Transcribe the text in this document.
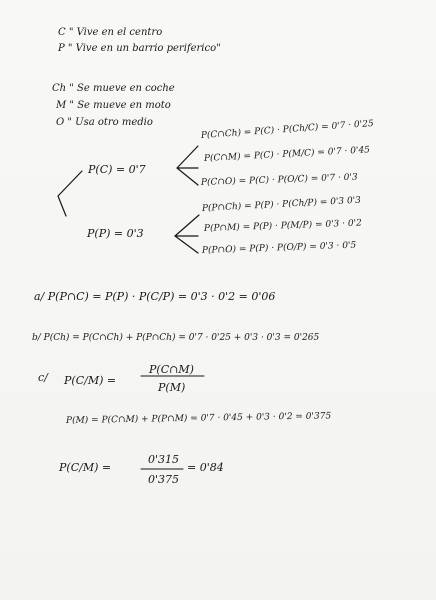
C " Vive en el centro
P " Vive en un barrio periferico"
Ch " Se mueve en coche
M " Se mueve en moto
O " Usa otro medio
P(C) = 0'7
P(P) = 0'3
P(C∩Ch) = P(C) · P(Ch/C) = 0'7 · 0'25
P(C∩M) = P(C) · P(M/C) = 0'7 · 0'45
P(C∩O) = P(C) · P(O/C) = 0'7 · 0'3
P(P∩Ch) = P(P) · P(Ch/P) = 0'3 0'3
P(P∩M) = P(P) · P(M/P) = 0'3 · 0'2
P(P∩O) = P(P) · P(O/P) = 0'3 · 0'5
a/ P(P∩C) = P(P) · P(C/P) = 0'3 · 0'2 = 0'06
b/ P(Ch) = P(C∩Ch) + P(P∩Ch) = 0'7 · 0'25 + 0'3 · 0'3 = 0'265
c/ P(C/M) =
P(C∩M)
P(M)
P(M) = P(C∩M) + P(P∩M) = 0'7 · 0'45 + 0'3 · 0'2 = 0'375
P(C/M) =
0'315
0'375
= 0'84
